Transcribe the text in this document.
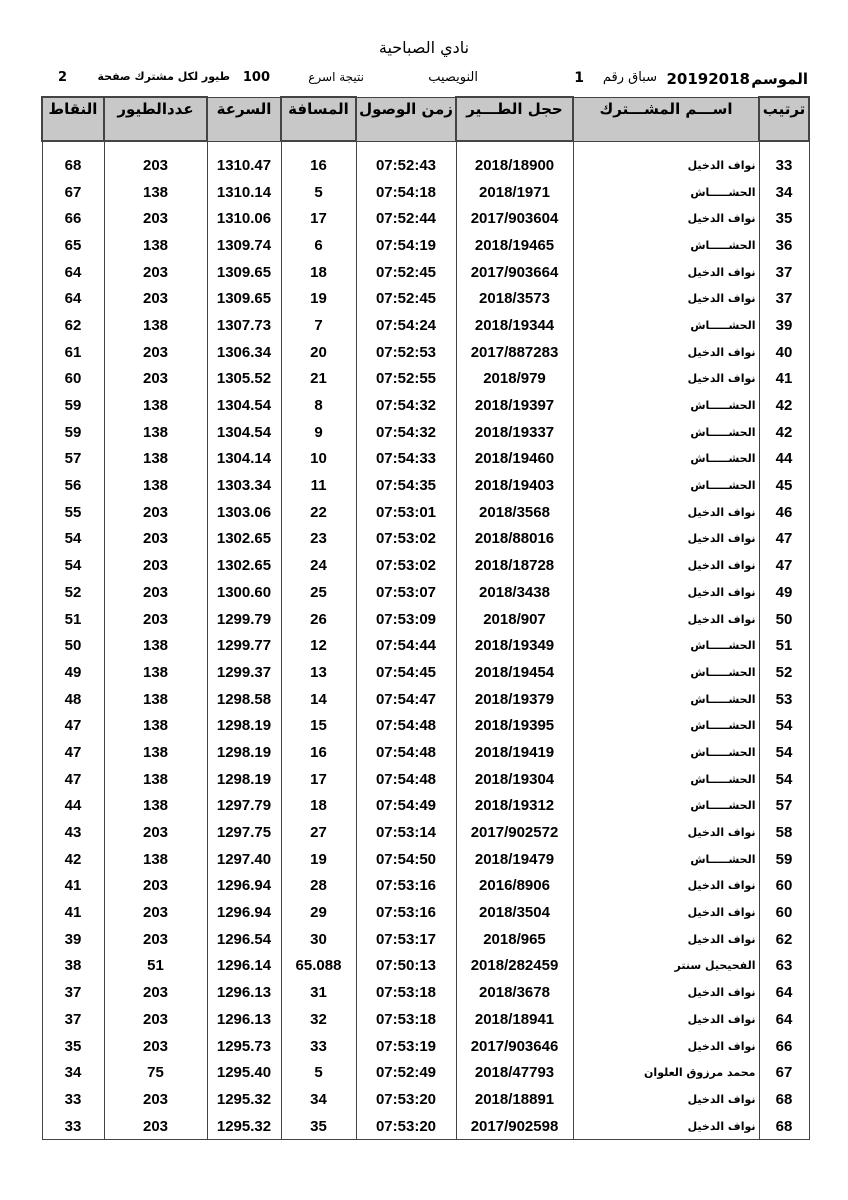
نادي الصباحية
الموسم
20192018
سباق رقم
1
النويصيب
نتيجة اسرع
100
طيور لكل مشترك صفحة
2
ترتيب	اســـم المشـــترك	حجل الطـــير	زمن الوصول	المسافة	السرعة	عددالطيور	النقاط

33	نواف الدخيل	2018/18900	07:52:43	16	1310.47	203	68
34	الحشـــــاش	2018/1971	07:54:18	5	1310.14	138	67
35	نواف الدخيل	2017/903604	07:52:44	17	1310.06	203	66
36	الحشـــــاش	2018/19465	07:54:19	6	1309.74	138	65
37	نواف الدخيل	2017/903664	07:52:45	18	1309.65	203	64
37	نواف الدخيل	2018/3573	07:52:45	19	1309.65	203	64
39	الحشـــــاش	2018/19344	07:54:24	7	1307.73	138	62
40	نواف الدخيل	2017/887283	07:52:53	20	1306.34	203	61
41	نواف الدخيل	2018/979	07:52:55	21	1305.52	203	60
42	الحشـــــاش	2018/19397	07:54:32	8	1304.54	138	59
42	الحشـــــاش	2018/19337	07:54:32	9	1304.54	138	59
44	الحشـــــاش	2018/19460	07:54:33	10	1304.14	138	57
45	الحشـــــاش	2018/19403	07:54:35	11	1303.34	138	56
46	نواف الدخيل	2018/3568	07:53:01	22	1303.06	203	55
47	نواف الدخيل	2018/88016	07:53:02	23	1302.65	203	54
47	نواف الدخيل	2018/18728	07:53:02	24	1302.65	203	54
49	نواف الدخيل	2018/3438	07:53:07	25	1300.60	203	52
50	نواف الدخيل	2018/907	07:53:09	26	1299.79	203	51
51	الحشـــــاش	2018/19349	07:54:44	12	1299.77	138	50
52	الحشـــــاش	2018/19454	07:54:45	13	1299.37	138	49
53	الحشـــــاش	2018/19379	07:54:47	14	1298.58	138	48
54	الحشـــــاش	2018/19395	07:54:48	15	1298.19	138	47
54	الحشـــــاش	2018/19419	07:54:48	16	1298.19	138	47
54	الحشـــــاش	2018/19304	07:54:48	17	1298.19	138	47
57	الحشـــــاش	2018/19312	07:54:49	18	1297.79	138	44
58	نواف الدخيل	2017/902572	07:53:14	27	1297.75	203	43
59	الحشـــــاش	2018/19479	07:54:50	19	1297.40	138	42
60	نواف الدخيل	2016/8906	07:53:16	28	1296.94	203	41
60	نواف الدخيل	2018/3504	07:53:16	29	1296.94	203	41
62	نواف الدخيل	2018/965	07:53:17	30	1296.54	203	39
63	الفحيحيل سنتر	2018/282459	07:50:13	65.088	1296.14	51	38
64	نواف الدخيل	2018/3678	07:53:18	31	1296.13	203	37
64	نواف الدخيل	2018/18941	07:53:18	32	1296.13	203	37
66	نواف الدخيل	2017/903646	07:53:19	33	1295.73	203	35
67	محمد مرزوق العلوان	2018/47793	07:52:49	5	1295.40	75	34
68	نواف الدخيل	2018/18891	07:53:20	34	1295.32	203	33
68	نواف الدخيل	2017/902598	07:53:20	35	1295.32	203	33
